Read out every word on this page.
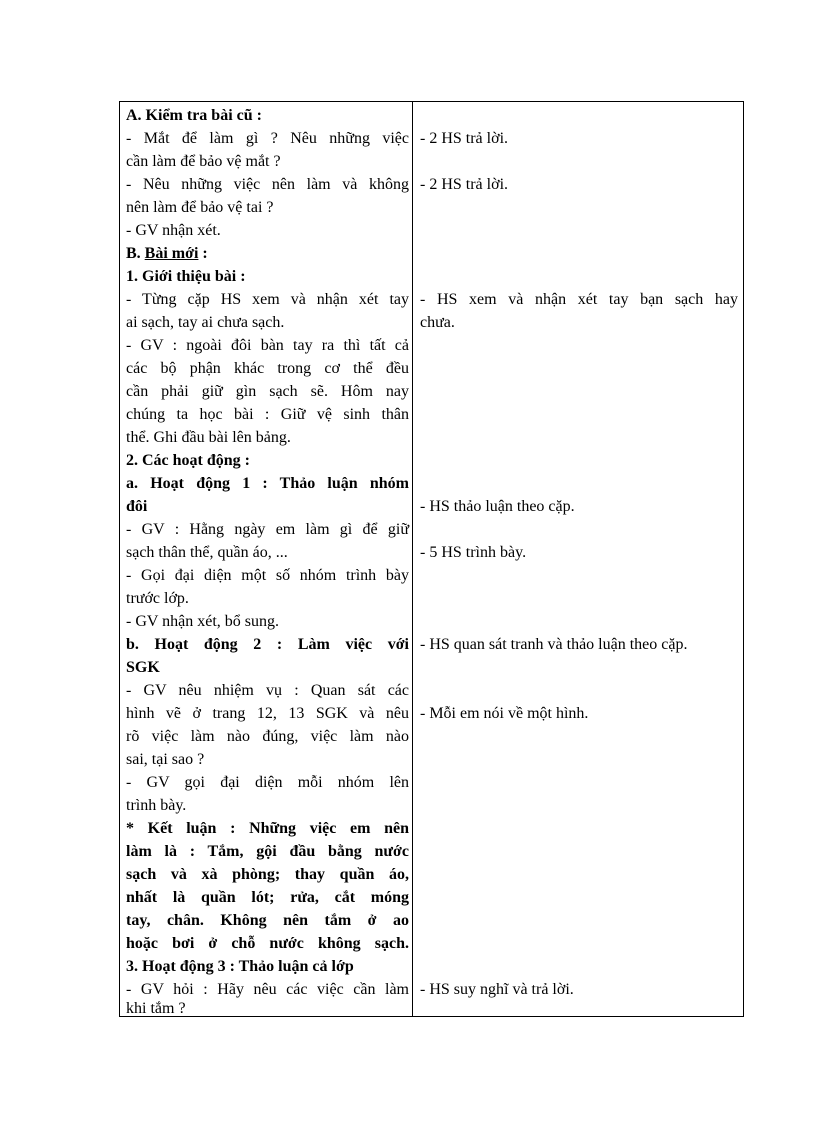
A. Kiểm tra bài cũ :
- Mắt để làm gì ? Nêu những việc
cần làm để bảo vệ mắt ?
- Nêu những việc nên làm và không
nên làm để bảo vệ tai ?
- GV nhận xét.
B. Bài mới :
1. Giới thiệu bài :
- Từng cặp HS xem và nhận xét tay
ai sạch, tay ai chưa sạch.
- GV : ngoài đôi bàn tay ra thì tất cả
các bộ phận khác trong cơ thể đều
cần phải giữ gìn sạch sẽ. Hôm nay
chúng ta học bài : Giữ vệ sinh thân
thể. Ghi đầu bài lên bảng.
2. Các hoạt động :
a. Hoạt động 1 : Thảo luận nhóm
đôi
- GV : Hằng ngày em làm gì để giữ
sạch thân thể, quần áo, ...
- Gọi đại diện một số nhóm trình bày
trước lớp.
- GV nhận xét, bổ sung.
b. Hoạt động 2 : Làm việc với
SGK
- GV nêu nhiệm vụ : Quan sát các
hình vẽ ở trang 12, 13 SGK và nêu
rõ việc làm nào đúng, việc làm nào
sai, tại sao ?
- GV gọi đại diện mỗi nhóm lên
trình bày.
* Kết luận : Những việc em nên
làm là : Tắm, gội đầu bằng nước
sạch và xà phòng; thay quần áo,
nhất là quần lót; rửa, cắt móng
tay, chân. Không nên tắm ở ao
hoặc bơi ở chỗ nước không sạch.
3. Hoạt động 3 : Thảo luận cả lớp
- GV hỏi : Hãy nêu các việc cần làm
khi tắm ?
- 2 HS trả lời.
- 2 HS trả lời.
- HS xem và nhận xét tay bạn sạch hay
chưa.
- HS thảo luận theo cặp.
- 5 HS trình bày.
- HS quan sát tranh và thảo luận theo cặp.
- Mỗi em nói về một hình.
- HS suy nghĩ và trả lời.
